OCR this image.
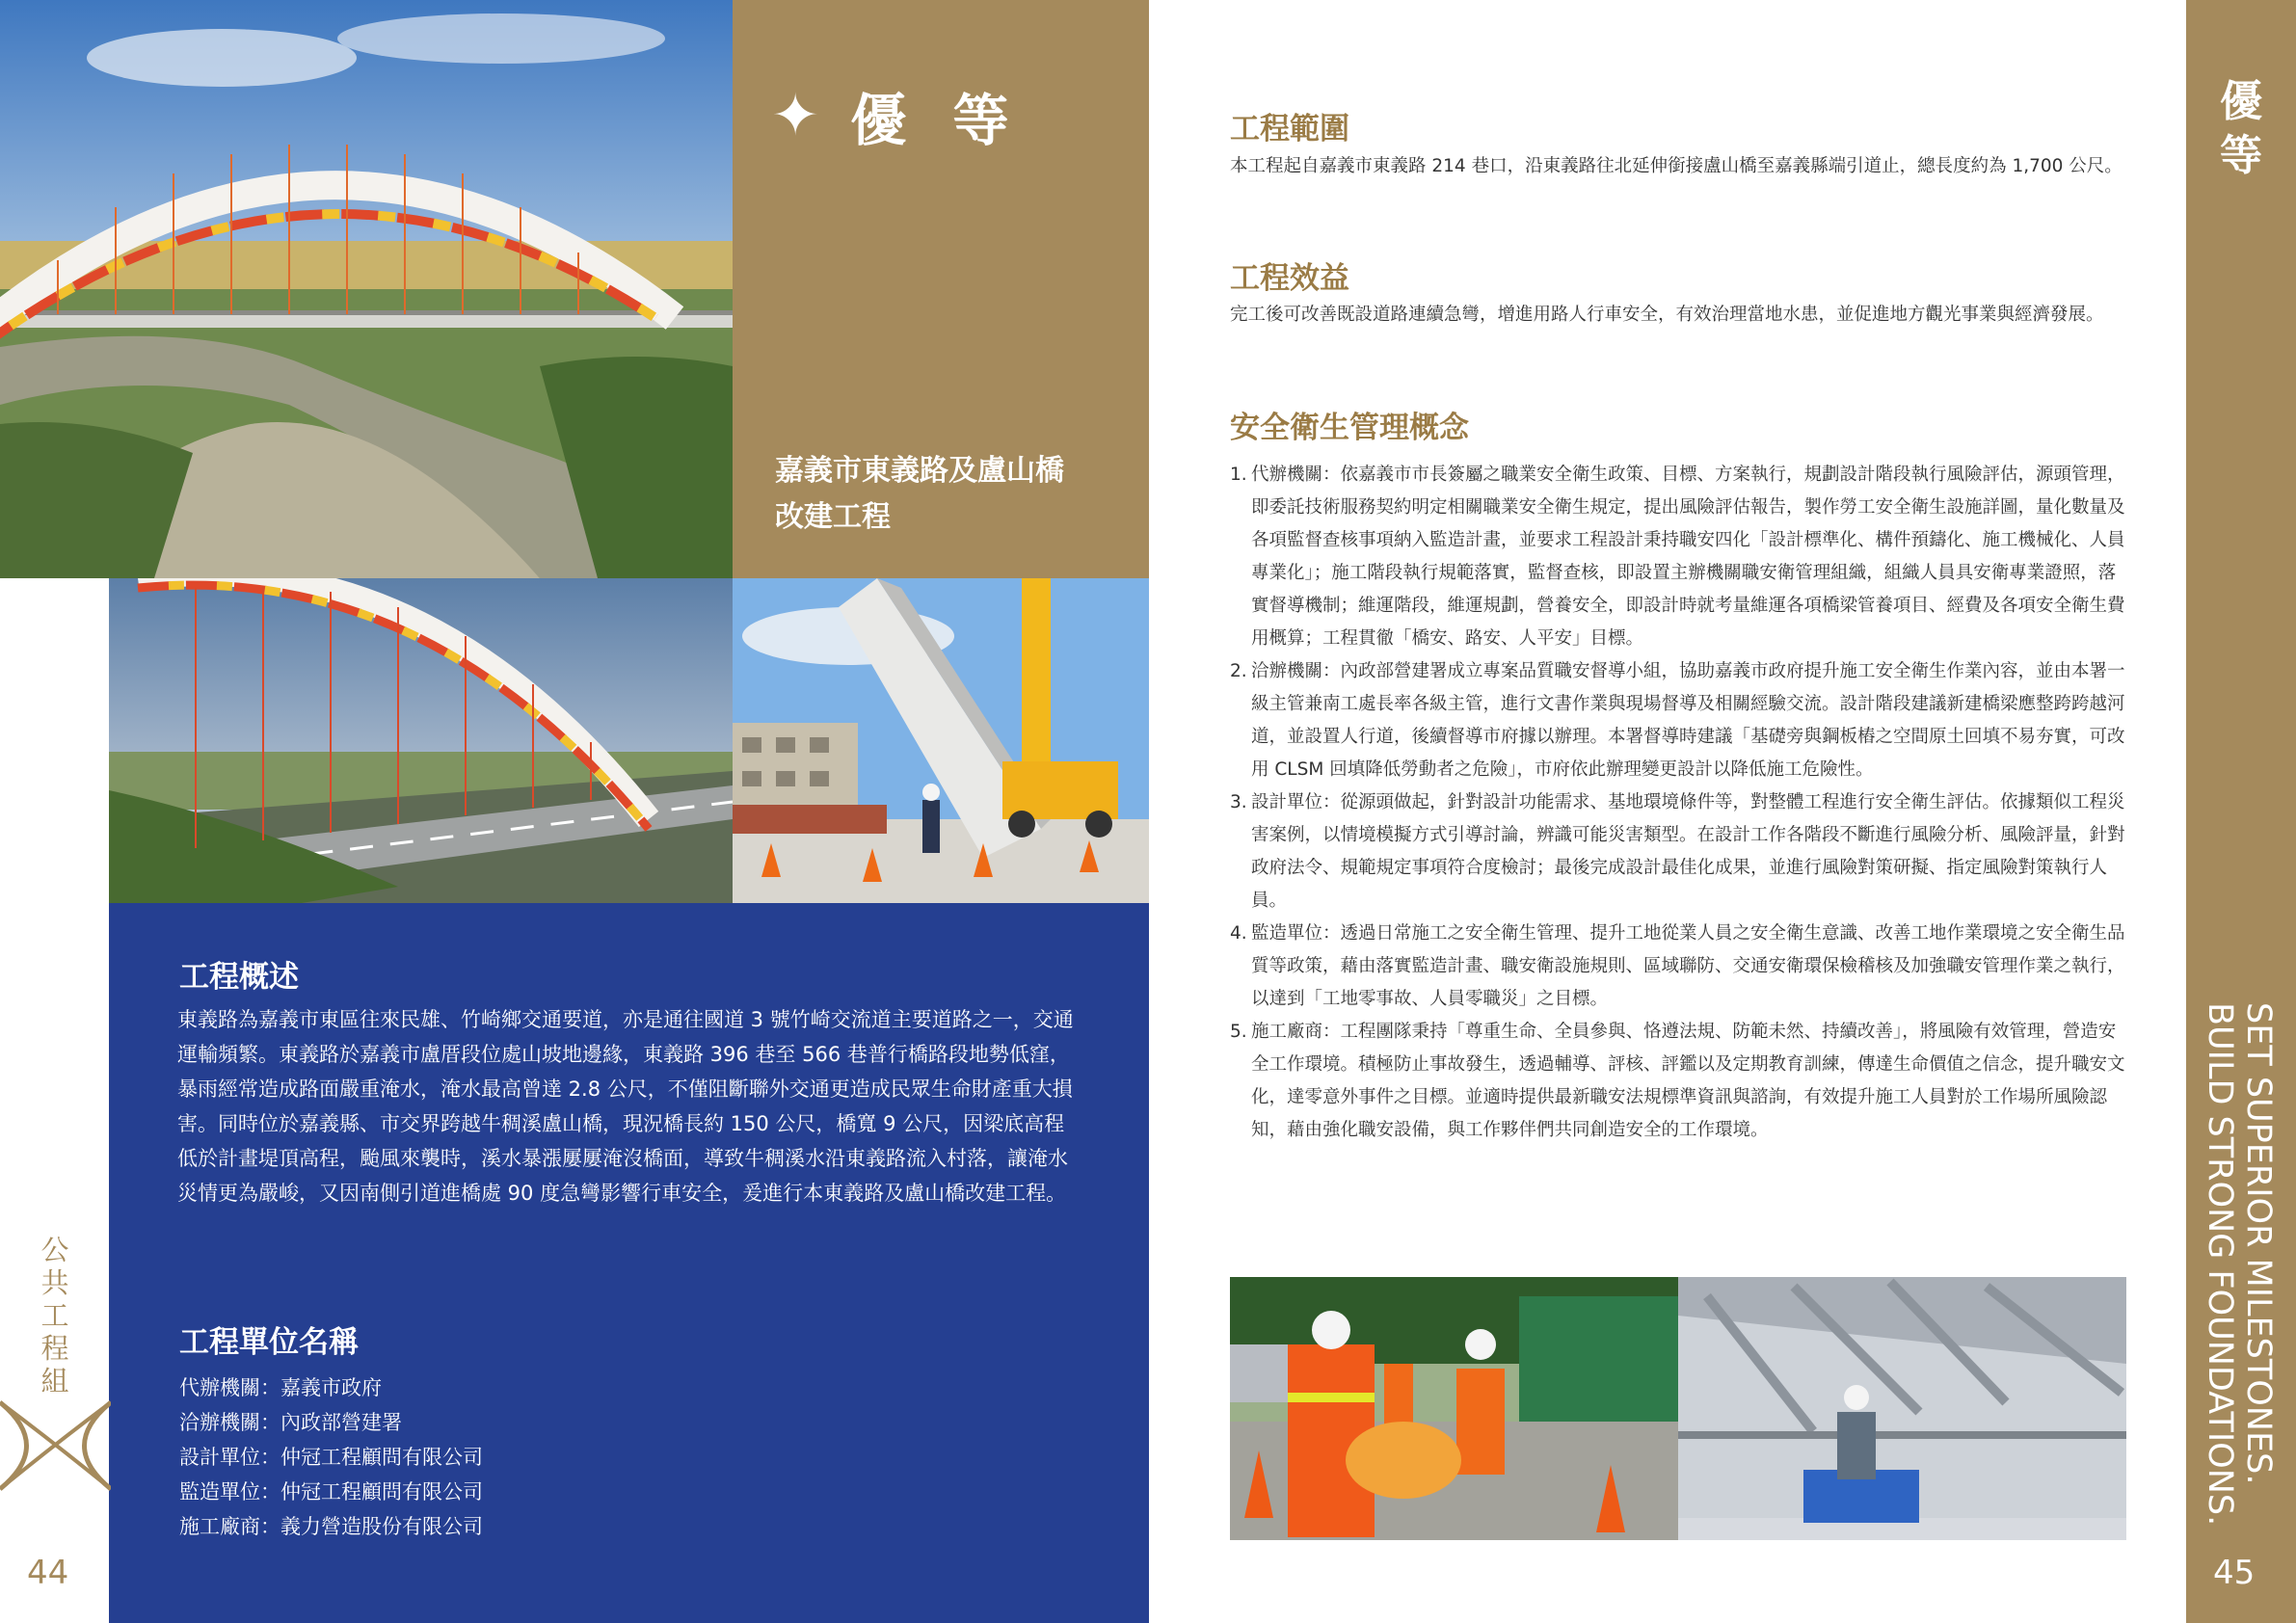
✦ 優 等
嘉義市東義路及盧山橋
改建工程
工程概述
東義路為嘉義市東區往來民雄、竹崎鄉交通要道，亦是通往國道 3 號竹崎交流道主要道路之一，交通運輸頻繁。東義路於嘉義市盧厝段位處山坡地邊緣，東義路 396 巷至 566 巷普行橋路段地勢低窪，暴雨經常造成路面嚴重淹水，淹水最高曾達 2.8 公尺，不僅阻斷聯外交通更造成民眾生命財產重大損害。同時位於嘉義縣、市交界跨越牛稠溪盧山橋，現況橋長約 150 公尺，橋寬 9 公尺，因梁底高程低於計畫堤頂高程，颱風來襲時，溪水暴漲屢屢淹沒橋面，導致牛稠溪水沿東義路流入村落，讓淹水災情更為嚴峻，又因南側引道進橋處 90 度急彎影響行車安全，爰進行本東義路及盧山橋改建工程。
工程單位名稱
代辦機關：嘉義市政府
洽辦機關：內政部營建署
設計單位：仲冠工程顧問有限公司
監造單位：仲冠工程顧問有限公司
施工廠商：義力營造股份有限公司
公共工程組
44
工程範圍
本工程起自嘉義市東義路 214 巷口，沿東義路往北延伸銜接盧山橋至嘉義縣端引道止，總長度約為 1,700 公尺。
工程效益
完工後可改善既設道路連續急彎，增進用路人行車安全，有效治理當地水患，並促進地方觀光事業與經濟發展。
安全衛生管理概念
1. 代辦機關：依嘉義市市長簽屬之職業安全衛生政策、目標、方案執行，規劃設計階段執行風險評估，源頭管理，即委託技術服務契約明定相關職業安全衛生規定，提出風險評估報告，製作勞工安全衛生設施詳圖，量化數量及各項監督查核事項納入監造計畫，並要求工程設計秉持職安四化「設計標準化、構件預鑄化、施工機械化、人員專業化」；施工階段執行規範落實，監督查核，即設置主辦機關職安衛管理組織，組織人員具安衛專業證照，落實督導機制；維運階段，維運規劃，營養安全，即設計時就考量維運各項橋梁管養項目、經費及各項安全衛生費用概算；工程貫徹「橋安、路安、人平安」目標。
2. 洽辦機關：內政部營建署成立專案品質職安督導小組，協助嘉義市政府提升施工安全衛生作業內容，並由本署一級主管兼南工處長率各級主管，進行文書作業與現場督導及相關經驗交流。設計階段建議新建橋梁應整跨跨越河道，並設置人行道，後續督導市府據以辦理。本署督導時建議「基礎旁與鋼板樁之空間原土回填不易夯實，可改用 CLSM 回填降低勞動者之危險」，市府依此辦理變更設計以降低施工危險性。
3. 設計單位：從源頭做起，針對設計功能需求、基地環境條件等，對整體工程進行安全衛生評估。依據類似工程災害案例，以情境模擬方式引導討論，辨識可能災害類型。在設計工作各階段不斷進行風險分析、風險評量，針對政府法令、規範規定事項符合度檢討；最後完成設計最佳化成果，並進行風險對策研擬、指定風險對策執行人員。
4. 監造單位：透過日常施工之安全衛生管理、提升工地從業人員之安全衛生意識、改善工地作業環境之安全衛生品質等政策，藉由落實監造計畫、職安衛設施規則、區域聯防、交通安衛環保檢稽核及加強職安管理作業之執行，以達到「工地零事故、人員零職災」之目標。
5. 施工廠商：工程團隊秉持「尊重生命、全員參與、恪遵法規、防範未然、持續改善」，將風險有效管理，營造安全工作環境。積極防止事故發生，透過輔導、評核、評鑑以及定期教育訓練，傳達生命價值之信念，提升職安文化，達零意外事件之目標。並適時提供最新職安法規標準資訊與諮詢，有效提升施工人員對於工作場所風險認知，藉由強化職安設備，與工作夥伴們共同創造安全的工作環境。
優
等
SET SUPERIOR MILESTONES.
BUILD STRONG FOUNDATIONS.
45
